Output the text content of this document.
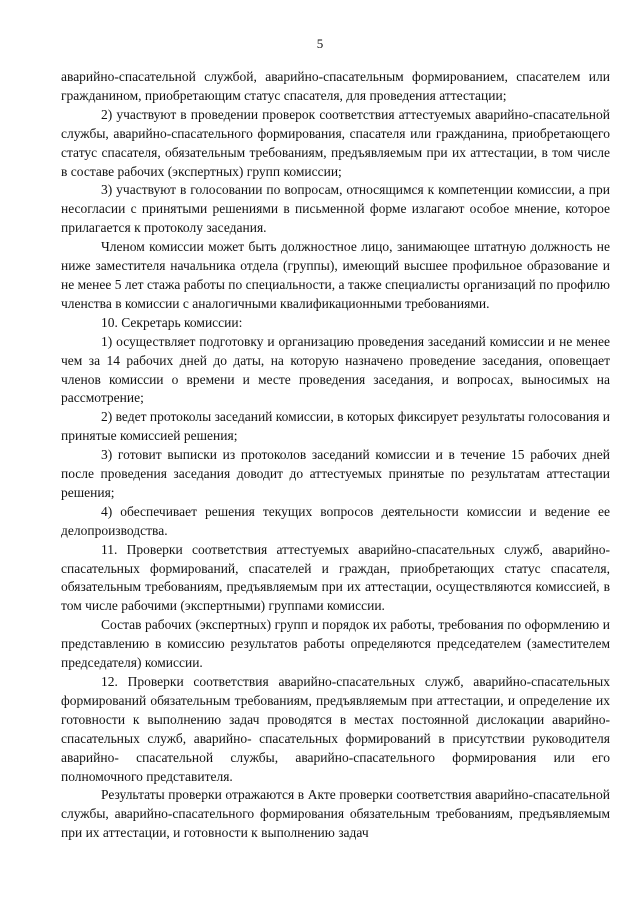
5

аварийно-спасательной службой, аварийно-спасательным формированием, спасателем или гражданином, приобретающим статус спасателя, для проведения аттестации;

2) участвуют в проведении проверок соответствия аттестуемых аварийно-спасательной службы, аварийно-спасательного формирования, спасателя или гражданина, приобретающего статус спасателя, обязательным требованиям, предъявляемым при их аттестации, в том числе в составе рабочих (экспертных) групп комиссии;

3) участвуют в голосовании по вопросам, относящимся к компетенции комиссии, а при несогласии с принятыми решениями в письменной форме излагают особое мнение, которое прилагается к протоколу заседания.

Членом комиссии может быть должностное лицо, занимающее штатную должность не ниже заместителя начальника отдела (группы), имеющий высшее профильное образование и не менее 5 лет стажа работы по специальности, а также специалисты организаций по профилю членства в комиссии с аналогичными квалификационными требованиями.

10. Секретарь комиссии:

1) осуществляет подготовку и организацию проведения заседаний комиссии и не менее чем за 14 рабочих дней до даты, на которую назначено проведение заседания, оповещает членов комиссии о времени и месте проведения заседания, и вопросах, выносимых на рассмотрение;

2) ведет протоколы заседаний комиссии, в которых фиксирует результаты голосования и принятые комиссией решения;

3) готовит выписки из протоколов заседаний комиссии и в течение 15 рабочих дней после проведения заседания доводит до аттестуемых принятые по результатам аттестации решения;

4) обеспечивает решения текущих вопросов деятельности комиссии и ведение ее делопроизводства.

11. Проверки соответствия аттестуемых аварийно-спасательных служб, аварийно-спасательных формирований, спасателей и граждан, приобретающих статус спасателя, обязательным требованиям, предъявляемым при их аттестации, осуществляются комиссией, в том числе рабочими (экспертными) группами комиссии.

Состав рабочих (экспертных) групп и порядок их работы, требования по оформлению и представлению в комиссию результатов работы определяются председателем (заместителем председателя) комиссии.

12. Проверки соответствия аварийно-спасательных служб, аварийно-спасательных формирований обязательным требованиям, предъявляемым при аттестации, и определение их готовности к выполнению задач проводятся в местах постоянной дислокации аварийно-спасательных служб, аварийно- спасательных формирований в присутствии руководителя аварийно- спасательной службы, аварийно-спасательного формирования или его полномочного представителя.

Результаты проверки отражаются в Акте проверки соответствия аварийно-спасательной службы, аварийно-спасательного формирования обязательным требованиям, предъявляемым при их аттестации, и готовности к выполнению задач
